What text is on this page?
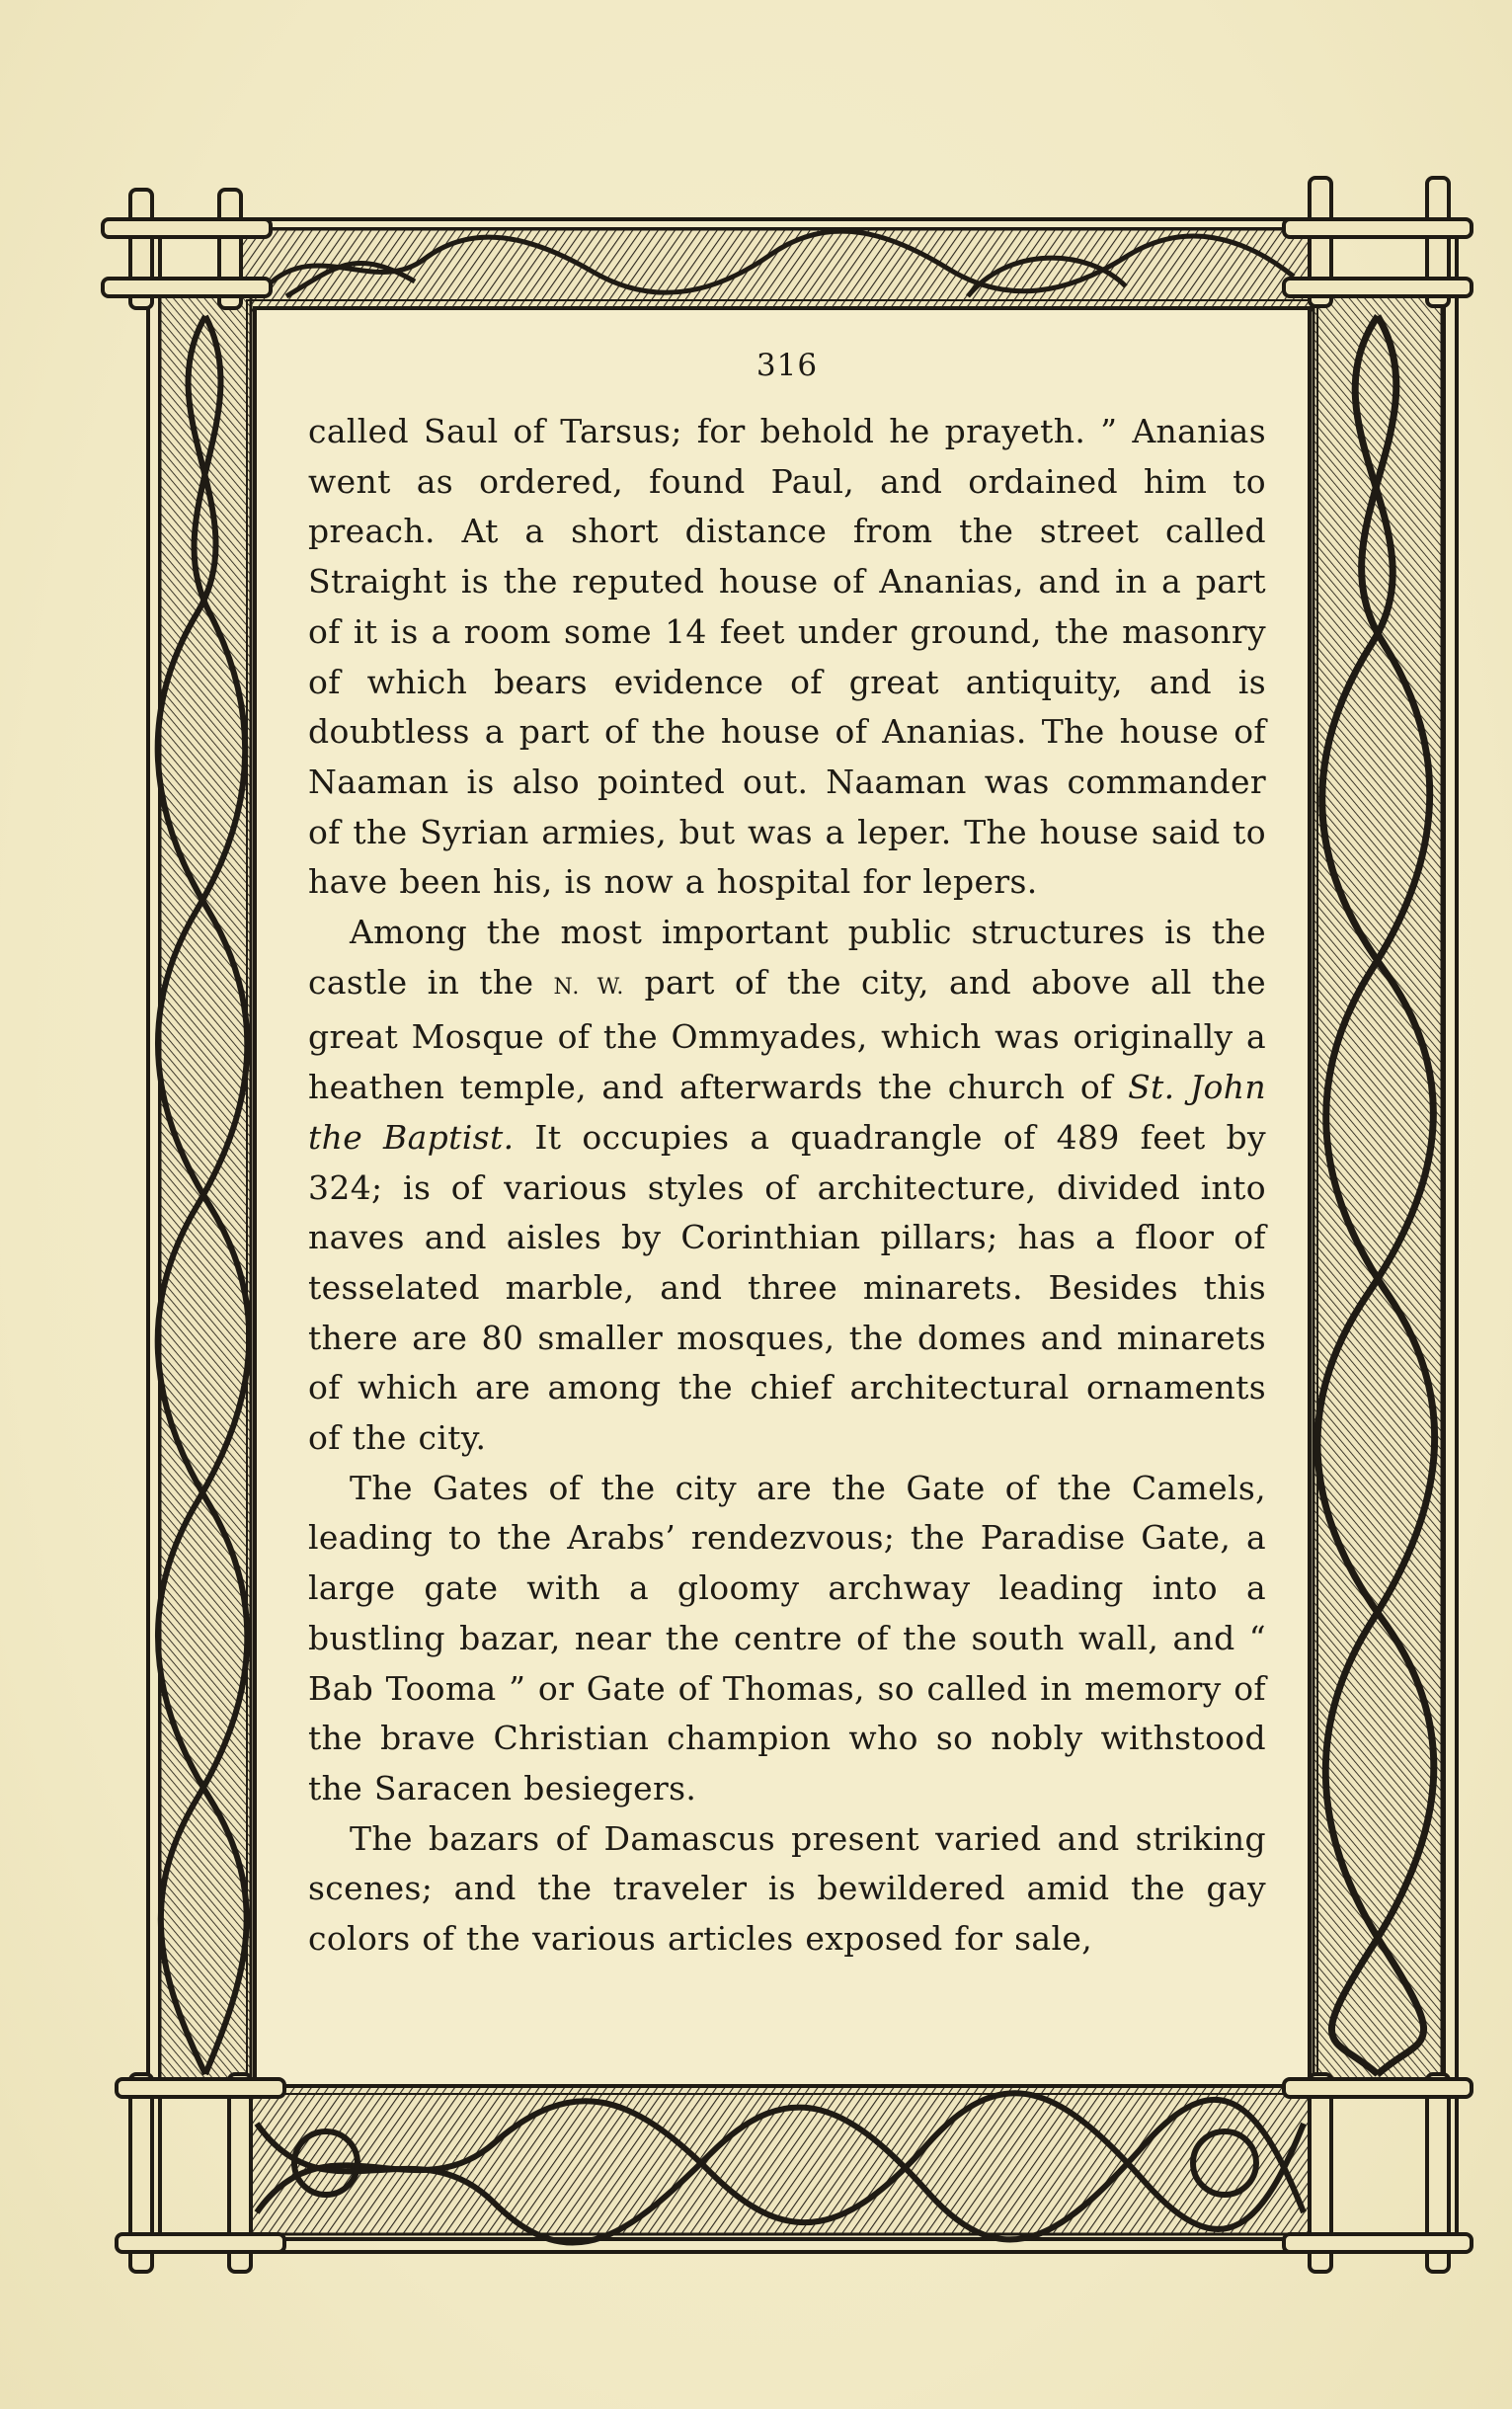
316

called Saul of Tarsus; for behold he prayeth. ” Ananias went as ordered, found Paul, and ordained him to preach. At a short distance from the street called Straight is the reputed house of Ananias, and in a part of it is a room some 14 feet under ground, the masonry of which bears evidence of great antiquity, and is doubtless a part of the house of Ananias. The house of Naaman is also pointed out. Naaman was commander of the Syrian armies, but was a leper. The house said to have been his, is now a hospital for lepers.

Among the most important public structures is the castle in the N. W. part of the city, and above all the great Mosque of the Ommyades, which was originally a heathen temple, and afterwards the church of St. John the Baptist. It occupies a quadrangle of 489 feet by 324; is of various styles of architecture, divided into naves and aisles by Corinthian pillars; has a floor of tesselated marble, and three minarets. Besides this there are 80 smaller mosques, the domes and minarets of which are among the chief architectural ornaments of the city.

The Gates of the city are the Gate of the Camels, leading to the Arabs’ rendezvous; the Paradise Gate, a large gate with a gloomy archway leading into a bustling bazar, near the centre of the south wall, and “ Bab Tooma ” or Gate of Thomas, so called in memory of the brave Christian champion who so nobly withstood the Saracen besiegers.

The bazars of Damascus present varied and striking scenes; and the traveler is bewildered amid the gay colors of the various articles exposed for sale,
